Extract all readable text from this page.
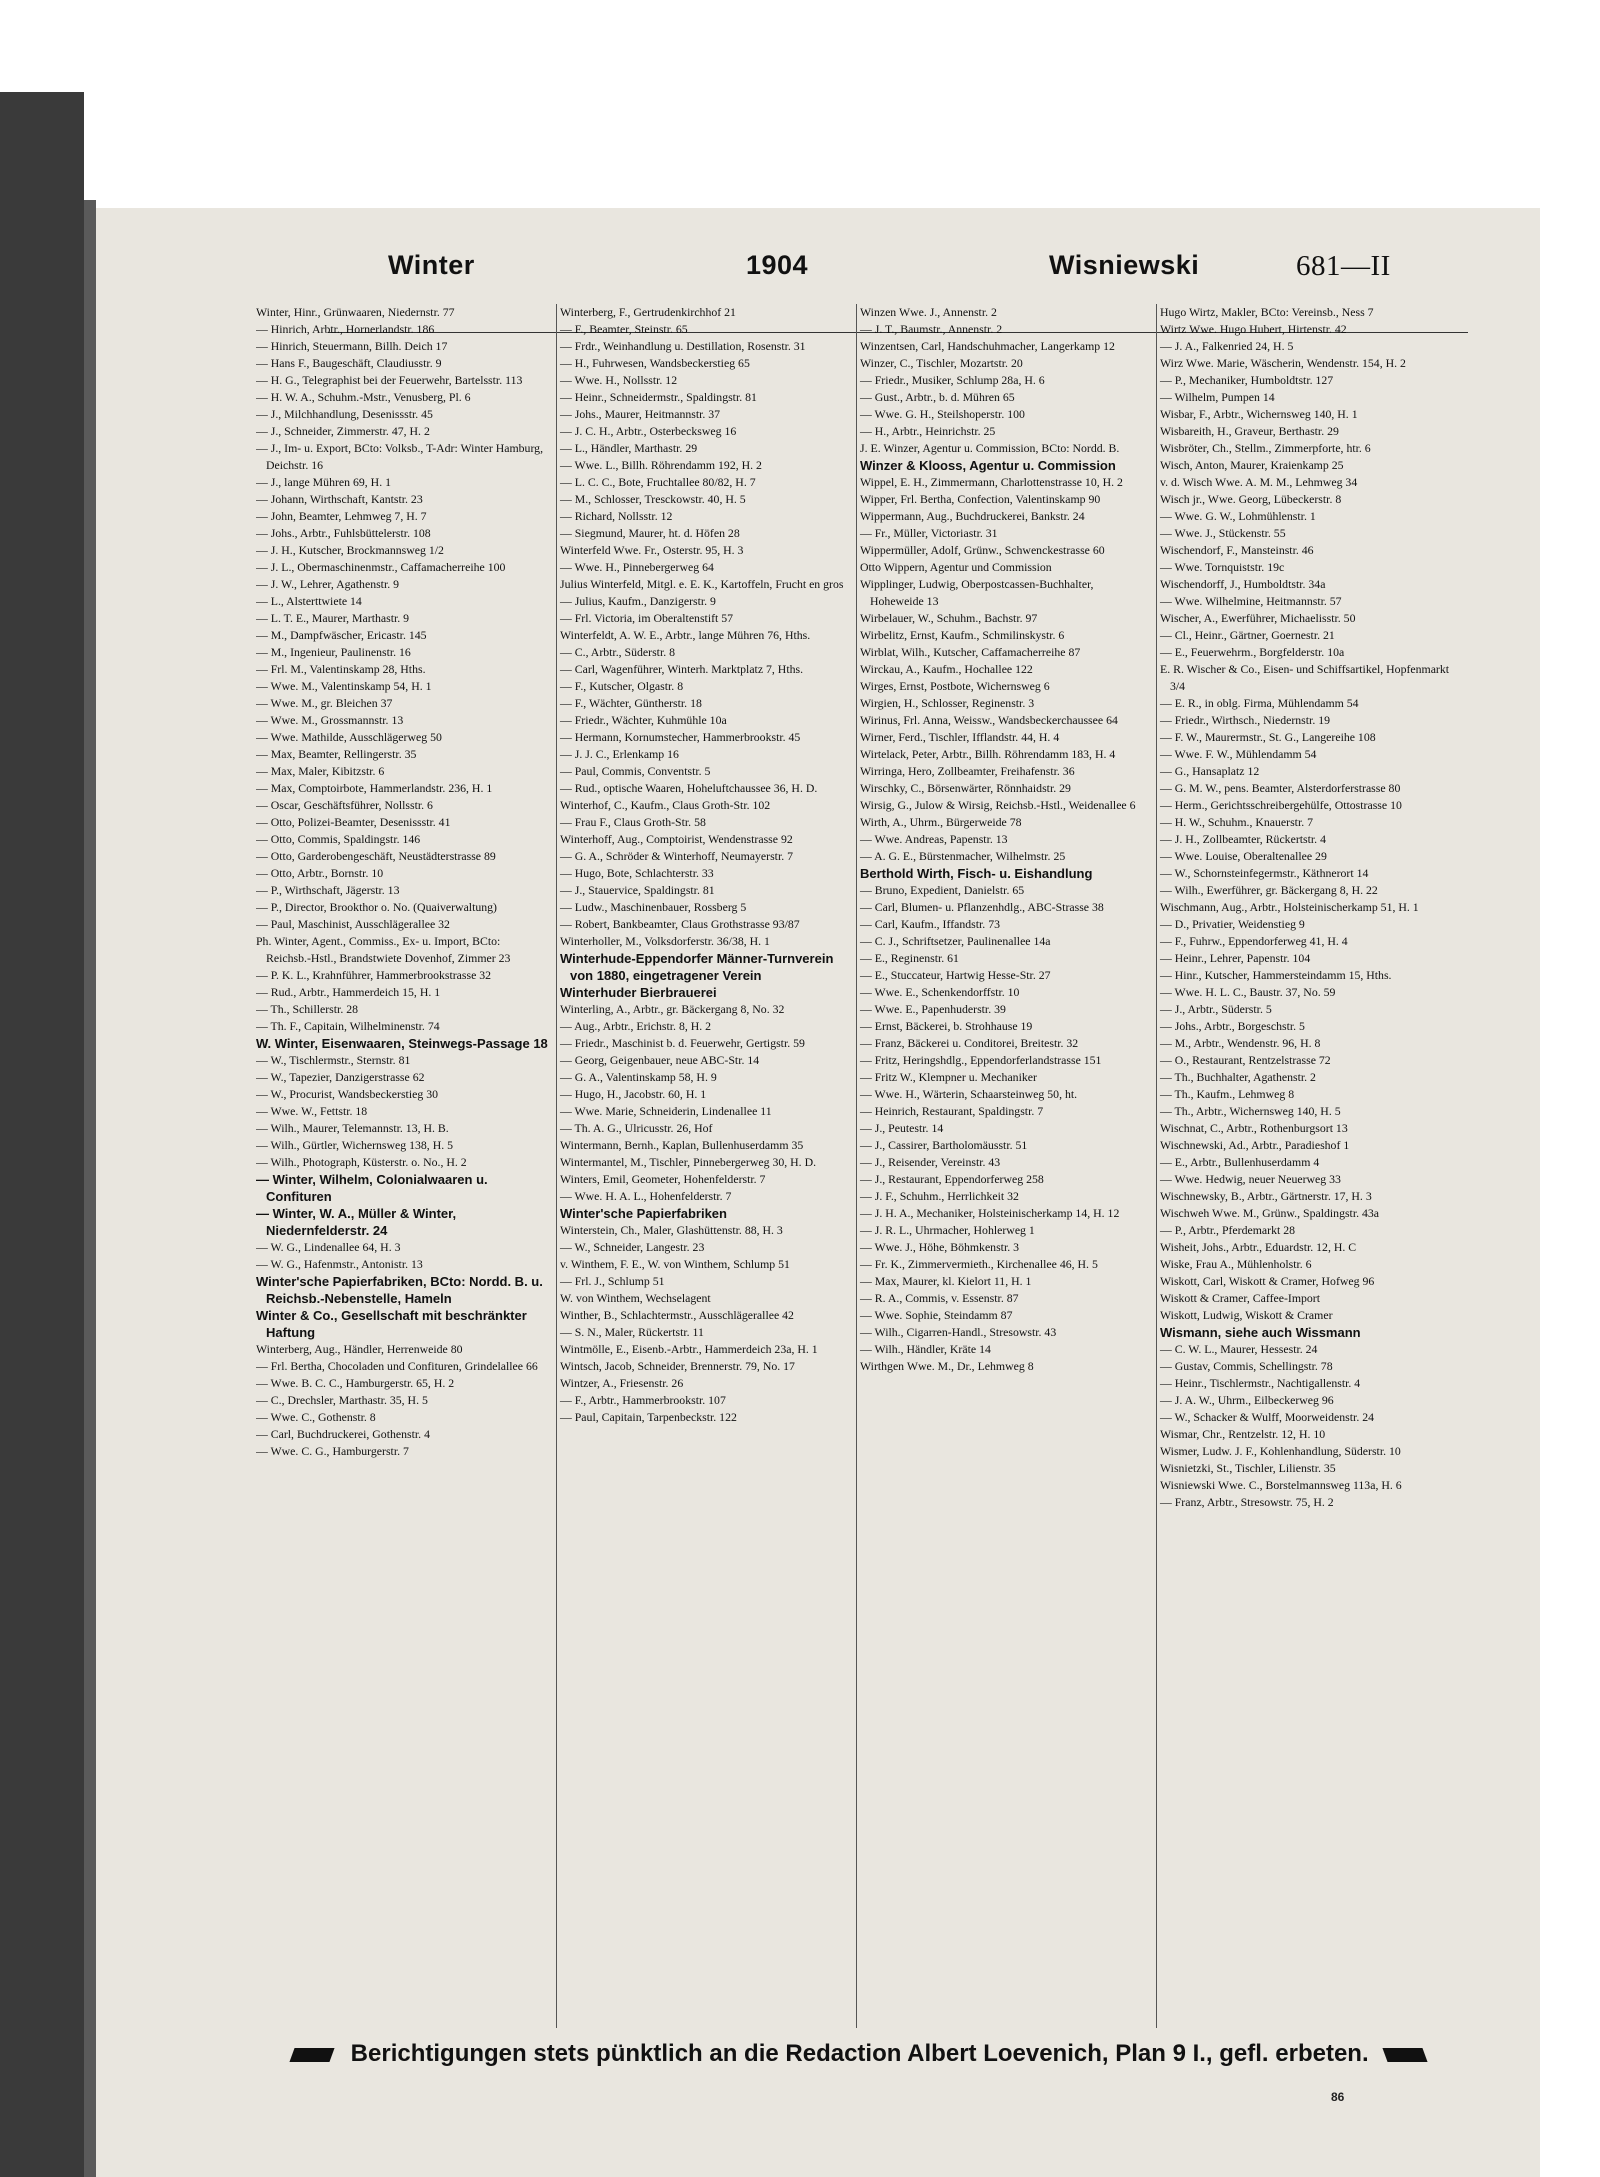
Winter	1904	Wisniewski	681—II
Winter, Hinr., Grünwaaren, Niedernstr. 77
— Hinrich, Arbtr., Hornerlandstr. 186
— Hinrich, Steuermann, Billh. Deich 17
— Hans F., Baugeschäft, Claudiusstr. 9
— H. G., Telegraphist bei der Feuerwehr, Bartelsstr. 113
— H. W. A., Schuhm.-Mstr., Venusberg, Pl. 6
— J., Milchhandlung, Desenissstr. 45
— J., Schneider, Zimmerstr. 47, H. 2
— J., Im- u. Export, BCto: Volksb., T-Adr: Winter Hamburg, Deichstr. 16
— J., lange Mühren 69, H. 1
— Johann, Wirthschaft, Kantstr. 23
— John, Beamter, Lehmweg 7, H. 7
— Johs., Arbtr., Fuhlsbüttelerstr. 108
— J. H., Kutscher, Brockmannsweg 1/2
— J. L., Obermaschinenmstr., Caffamacherreihe 100
— J. W., Lehrer, Agathenstr. 9
— L., Alsterttwiete 14
— L. T. E., Maurer, Marthastr. 9
— M., Dampfwäscher, Ericastr. 145
— M., Ingenieur, Paulinenstr. 16
— Frl. M., Valentinskamp 28, Hths.
— Wwe. M., Valentinskamp 54, H. 1
— Wwe. M., gr. Bleichen 37
— Wwe. M., Grossmannstr. 13
— Wwe. Mathilde, Ausschlägerweg 50
— Max, Beamter, Rellingerstr. 35
— Max, Maler, Kibitzstr. 6
— Max, Comptoirbote, Hammerlandstr. 236, H. 1
— Oscar, Geschäftsführer, Nollsstr. 6
— Otto, Polizei-Beamter, Desenissstr. 41
— Otto, Commis, Spaldingstr. 146
— Otto, Garderobengeschäft, Neustädterstrasse 89
— Otto, Arbtr., Bornstr. 10
— P., Wirthschaft, Jägerstr. 13
— P., Director, Brookthor o. No. (Quaiverwaltung)
— Paul, Maschinist, Ausschlägerallee 32
Ph. Winter, Agent., Commiss., Ex- u. Import, BCto: Reichsb.-Hstl., Brandstwiete Dovenhof, Zimmer 23
— P. K. L., Krahnführer, Hammerbrookstrasse 32
— Rud., Arbtr., Hammerdeich 15, H. 1
— Th., Schillerstr. 28
— Th. F., Capitain, Wilhelminenstr. 74
W. Winter, Eisenwaaren, Steinwegs-Passage 18
— W., Tischlermstr., Sternstr. 81
— W., Tapezier, Danzigerstrasse 62
— W., Procurist, Wandsbeckerstieg 30
— Wwe. W., Fettstr. 18
— Wilh., Maurer, Telemannstr. 13, H. B.
— Wilh., Gürtler, Wichernsweg 138, H. 5
— Wilh., Photograph, Küsterstr. o. No., H. 2
— Winter, Wilhelm, Colonialwaaren u. Confituren
— Winter, W. A., Müller & Winter, Niedernfelderstr. 24
— W. G., Lindenallee 64, H. 3
— W. G., Hafenmstr., Antonistr. 13
Winter'sche Papierfabriken, BCto: Nordd. B. u. Reichsb.-Nebenstelle, Hameln
Winter & Co., Gesellschaft mit beschränkter Haftung
Winterberg, Aug., Händler, Herrenweide 80
— Frl. Bertha, Chocoladen und Confituren, Grindelallee 66
— Wwe. B. C. C., Hamburgerstr. 65, H. 2
— C., Drechsler, Marthastr. 35, H. 5
— Wwe. C., Gothenstr. 8
— Carl, Buchdruckerei, Gothenstr. 4
— Wwe. C. G., Hamburgerstr. 7
Winterberg, F., Gertrudenkirchhof 21
— F., Beamter, Steinstr. 65
— Frdr., Weinhandlung u. Destillation, Rosenstr. 31
— H., Fuhrwesen, Wandsbeckerstieg 65
— Wwe. H., Nollsstr. 12
— Heinr., Schneidermstr., Spaldingstr. 81
— Johs., Maurer, Heitmannstr. 37
— J. C. H., Arbtr., Osterbecksweg 16
— L., Händler, Marthastr. 29
— Wwe. L., Billh. Röhrendamm 192, H. 2
— L. C. C., Bote, Fruchtallee 80/82, H. 7
— M., Schlosser, Tresckowstr. 40, H. 5
— Richard, Nollsstr. 12
— Siegmund, Maurer, ht. d. Höfen 28
Winterfeld Wwe. Fr., Osterstr. 95, H. 3
— Wwe. H., Pinnebergerweg 64
Julius Winterfeld, Mitgl. e. E. K., Kartoffeln, Frucht en gros
— Julius, Kaufm., Danzigerstr. 9
— Frl. Victoria, im Oberaltenstift 57
Winterfeldt, A. W. E., Arbtr., lange Mühren 76, Hths.
— C., Arbtr., Süderstr. 8
— Carl, Wagenführer, Winterh. Marktplatz 7, Hths.
— F., Kutscher, Olgastr. 8
— F., Wächter, Güntherstr. 18
— Friedr., Wächter, Kuhmühle 10a
— Hermann, Kornumstecher, Hammerbrookstr. 45
— J. J. C., Erlenkamp 16
— Paul, Commis, Conventstr. 5
— Rud., optische Waaren, Hoheluftchaussee 36, H. D.
Winterhof, C., Kaufm., Claus Groth-Str. 102
— Frau F., Claus Groth-Str. 58
Winterhoff, Aug., Comptoirist, Wendenstrasse 92
— G. A., Schröder & Winterhoff, Neumayerstr. 7
— Hugo, Bote, Schlachterstr. 33
— J., Stauervice, Spaldingstr. 81
— Ludw., Maschinenbauer, Rossberg 5
— Robert, Bankbeamter, Claus Grothstrasse 93/87
Winterholler, M., Volksdorferstr. 36/38, H. 1
Winterhude-Eppendorfer Männer-Turnverein von 1880, eingetragener Verein
Winterhuder Bierbrauerei
Winterling, A., Arbtr., gr. Bäckergang 8, No. 32
— Aug., Arbtr., Erichstr. 8, H. 2
— Friedr., Maschinist b. d. Feuerwehr, Gertigstr. 59
— Georg, Geigenbauer, neue ABC-Str. 14
— G. A., Valentinskamp 58, H. 9
— Hugo, H., Jacobstr. 60, H. 1
— Wwe. Marie, Schneiderin, Lindenallee 11
— Th. A. G., Ulricusstr. 26, Hof
Wintermann, Bernh., Kaplan, Bullenhuserdamm 35
Wintermantel, M., Tischler, Pinnebergerweg 30, H. D.
Winters, Emil, Geometer, Hohenfelderstr. 7
— Wwe. H. A. L., Hohenfelderstr. 7
Winter'sche Papierfabriken
Winterstein, Ch., Maler, Glashüttenstr. 88, H. 3
— W., Schneider, Langestr. 23
v. Winthem, F. E., W. von Winthem, Schlump 51
— Frl. J., Schlump 51
W. von Winthem, Wechselagent
Winther, B., Schlachtermstr., Ausschlägerallee 42
— S. N., Maler, Rückertstr. 11
Wintmölle, E., Eisenb.-Arbtr., Hammerdeich 23a, H. 1
Wintsch, Jacob, Schneider, Brennerstr. 79, No. 17
Wintzer, A., Friesenstr. 26
— F., Arbtr., Hammerbrookstr. 107
— Paul, Capitain, Tarpenbeckstr. 122
Winzen Wwe. J., Annenstr. 2
— J. T., Baumstr., Annenstr. 2
Winzentsen, Carl, Handschuhmacher, Langerkamp 12
Winzer, C., Tischler, Mozartstr. 20
— Friedr., Musiker, Schlump 28a, H. 6
— Gust., Arbtr., b. d. Mühren 65
— Wwe. G. H., Steilshoperstr. 100
— H., Arbtr., Heinrichstr. 25
J. E. Winzer, Agentur u. Commission, BCto: Nordd. B.
Winzer & Klooss, Agentur u. Commission
Wippel, E. H., Zimmermann, Charlottenstrasse 10, H. 2
Wipper, Frl. Bertha, Confection, Valentinskamp 90
Wippermann, Aug., Buchdruckerei, Bankstr. 24
— Fr., Müller, Victoriastr. 31
Wippermüller, Adolf, Grünw., Schwenckestrasse 60
Otto Wippern, Agentur und Commission
Wipplinger, Ludwig, Oberpostcassen-Buchhalter, Hoheweide 13
Wirbelauer, W., Schuhm., Bachstr. 97
Wirbelitz, Ernst, Kaufm., Schmilinskystr. 6
Wirblat, Wilh., Kutscher, Caffamacherreihe 87
Wirckau, A., Kaufm., Hochallee 122
Wirges, Ernst, Postbote, Wichernsweg 6
Wirgien, H., Schlosser, Reginenstr. 3
Wirinus, Frl. Anna, Weissw., Wandsbeckerchaussee 64
Wirner, Ferd., Tischler, Ifflandstr. 44, H. 4
Wirtelack, Peter, Arbtr., Billh. Röhrendamm 183, H. 4
Wirringa, Hero, Zollbeamter, Freihafenstr. 36
Wirschky, C., Börsenwärter, Rönnhaidstr. 29
Wirsig, G., Julow & Wirsig, Reichsb.-Hstl., Weidenallee 6
Wirth, A., Uhrm., Bürgerweide 78
— Wwe. Andreas, Papenstr. 13
— A. G. E., Bürstenmacher, Wilhelmstr. 25
Berthold Wirth, Fisch- u. Eishandlung
— Bruno, Expedient, Danielstr. 65
— Carl, Blumen- u. Pflanzenhdlg., ABC-Strasse 38
— Carl, Kaufm., Iffandstr. 73
— C. J., Schriftsetzer, Paulinenallee 14a
— E., Reginenstr. 61
— E., Stuccateur, Hartwig Hesse-Str. 27
— Wwe. E., Schenkendorffstr. 10
— Wwe. E., Papenhuderstr. 39
— Ernst, Bäckerei, b. Strohhause 19
— Franz, Bäckerei u. Conditorei, Breitestr. 32
— Fritz, Heringshdlg., Eppendorferlandstrasse 151
— Fritz W., Klempner u. Mechaniker
— Wwe. H., Wärterin, Schaarsteinweg 50, ht.
— Heinrich, Restaurant, Spaldingstr. 7
— J., Peutestr. 14
— J., Cassirer, Bartholomäusstr. 51
— J., Reisender, Vereinstr. 43
— J., Restaurant, Eppendorferweg 258
— J. F., Schuhm., Herrlichkeit 32
— J. H. A., Mechaniker, Holsteinischerkamp 14, H. 12
— J. R. L., Uhrmacher, Hohlerweg 1
— Wwe. J., Höhe, Böhmkenstr. 3
— Fr. K., Zimmervermieth., Kirchenallee 46, H. 5
— Max, Maurer, kl. Kielort 11, H. 1
— R. A., Commis, v. Essenstr. 87
— Wwe. Sophie, Steindamm 87
— Wilh., Cigarren-Handl., Stresowstr. 43
— Wilh., Händler, Kräte 14
Wirthgen Wwe. M., Dr., Lehmweg 8
Hugo Wirtz, Makler, BCto: Vereinsb., Ness 7
Wirtz Wwe. Hugo Hubert, Hirtenstr. 42
— J. A., Falkenried 24, H. 5
Wirz Wwe. Marie, Wäscherin, Wendenstr. 154, H. 2
— P., Mechaniker, Humboldtstr. 127
— Wilhelm, Pumpen 14
Wisbar, F., Arbtr., Wichernsweg 140, H. 1
Wisbareith, H., Graveur, Berthastr. 29
Wisbröter, Ch., Stellm., Zimmerpforte, htr. 6
Wisch, Anton, Maurer, Kraienkamp 25
v. d. Wisch Wwe. A. M. M., Lehmweg 34
Wisch jr., Wwe. Georg, Lübeckerstr. 8
— Wwe. G. W., Lohmühlenstr. 1
— Wwe. J., Stückenstr. 55
Wischendorf, F., Mansteinstr. 46
— Wwe. Tornquiststr. 19c
Wischendorff, J., Humboldtstr. 34a
— Wwe. Wilhelmine, Heitmannstr. 57
Wischer, A., Ewerführer, Michaelisstr. 50
— Cl., Heinr., Gärtner, Goernestr. 21
— E., Feuerwehrm., Borgfelderstr. 10a
E. R. Wischer & Co., Eisen- und Schiffsartikel, Hopfenmarkt 3/4
— E. R., in oblg. Firma, Mühlendamm 54
— Friedr., Wirthsch., Niedernstr. 19
— F. W., Maurermstr., St. G., Langereihe 108
— Wwe. F. W., Mühlendamm 54
— G., Hansaplatz 12
— G. M. W., pens. Beamter, Alsterdorferstrasse 80
— Herm., Gerichtsschreibergehülfe, Ottostrasse 10
— H. W., Schuhm., Knauerstr. 7
— J. H., Zollbeamter, Rückertstr. 4
— Wwe. Louise, Oberaltenallee 29
— W., Schornsteinfegermstr., Käthnerort 14
— Wilh., Ewerführer, gr. Bäckergang 8, H. 22
Wischmann, Aug., Arbtr., Holsteinischerkamp 51, H. 1
— D., Privatier, Weidenstieg 9
— F., Fuhrw., Eppendorferweg 41, H. 4
— Heinr., Lehrer, Papenstr. 104
— Hinr., Kutscher, Hammersteindamm 15, Hths.
— Wwe. H. L. C., Baustr. 37, No. 59
— J., Arbtr., Süderstr. 5
— Johs., Arbtr., Borgeschstr. 5
— M., Arbtr., Wendenstr. 96, H. 8
— O., Restaurant, Rentzelstrasse 72
— Th., Buchhalter, Agathenstr. 2
— Th., Kaufm., Lehmweg 8
— Th., Arbtr., Wichernsweg 140, H. 5
Wischnat, C., Arbtr., Rothenburgsort 13
Wischnewski, Ad., Arbtr., Paradieshof 1
— E., Arbtr., Bullenhuserdamm 4
— Wwe. Hedwig, neuer Neuerweg 33
Wischnewsky, B., Arbtr., Gärtnerstr. 17, H. 3
Wischweh Wwe. M., Grünw., Spaldingstr. 43a
— P., Arbtr., Pferdemarkt 28
Wisheit, Johs., Arbtr., Eduardstr. 12, H. C
Wiske, Frau A., Mühlenholstr. 6
Wiskott, Carl, Wiskott & Cramer, Hofweg 96
Wiskott & Cramer, Caffee-Import
Wiskott, Ludwig, Wiskott & Cramer
Wismann, siehe auch Wissmann
— C. W. L., Maurer, Hessestr. 24
— Gustav, Commis, Schellingstr. 78
— Heinr., Tischlermstr., Nachtigallenstr. 4
— J. A. W., Uhrm., Eilbeckerweg 96
— W., Schacker & Wulff, Moorweidenstr. 24
Wismar, Chr., Rentzelstr. 12, H. 10
Wismer, Ludw. J. F., Kohlenhandlung, Süderstr. 10
Wisnietzki, St., Tischler, Lilienstr. 35
Wisniewski Wwe. C., Borstelmannsweg 113a, H. 6
— Franz, Arbtr., Stresowstr. 75, H. 2
Berichtigungen stets pünktlich an die Redaction Albert Loevenich, Plan 9 I., gefl. erbeten.
86
